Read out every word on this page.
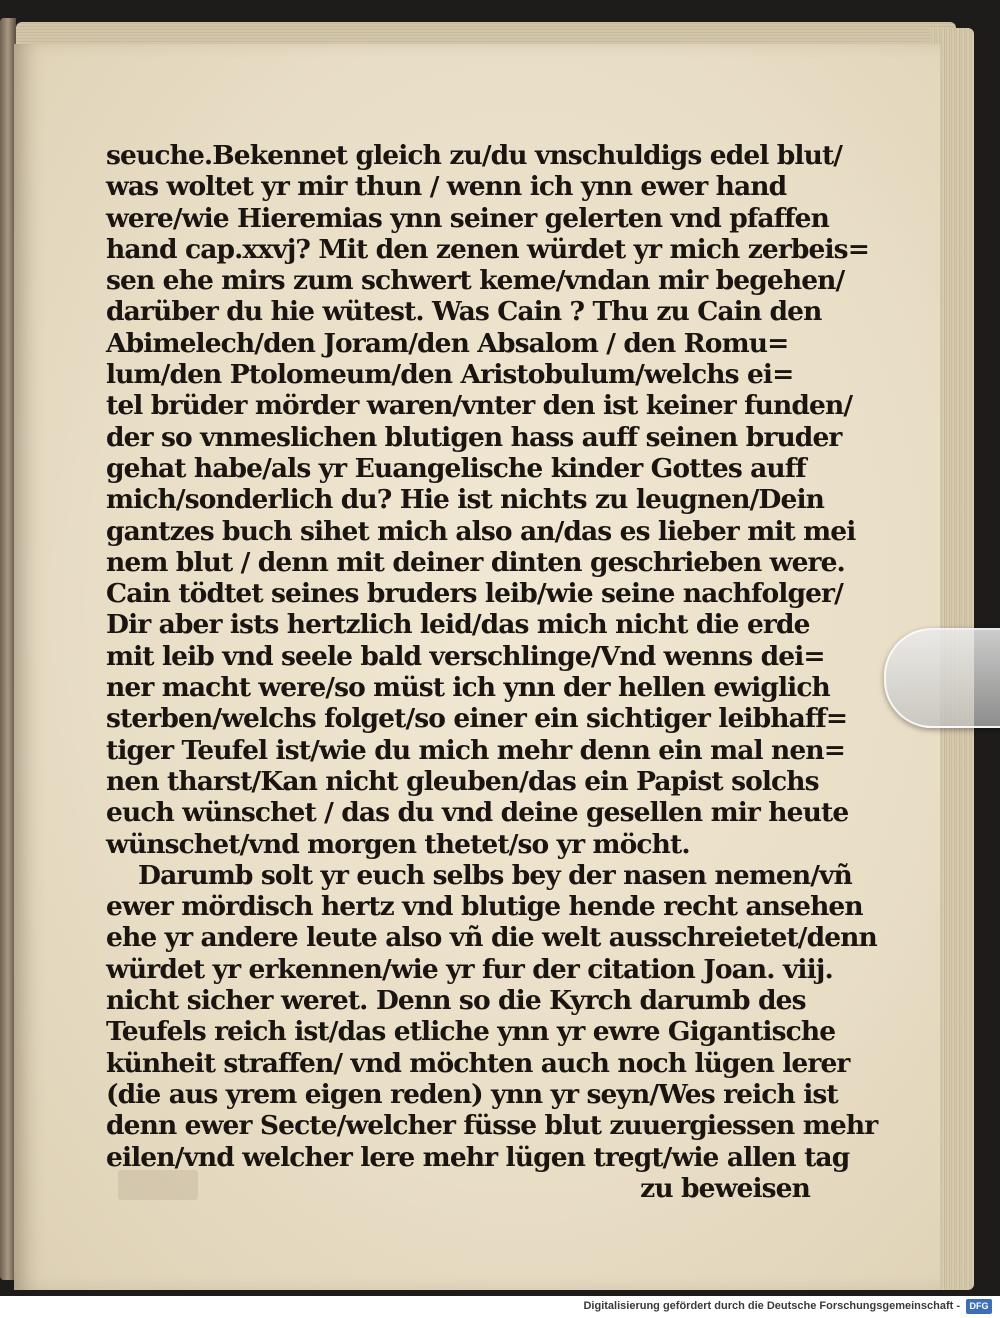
seuche.Bekennet gleich zu/du vnschuldigs edel blut/
was woltet yr mir thun / wenn ich ynn ewer hand
were/wie Hieremias ynn seiner gelerten vnd pfaffen
hand cap.xxvj? Mit den zenen würdet yr mich zerbeis=
sen ehe mirs zum schwert keme/vndan mir begehen/
darüber du hie wütest. Was Cain ? Thu zu Cain den
Abimelech/den Joram/den Absalom / den Romu=
lum/den Ptolomeum/den Aristobulum/welchs ei=
tel brüder mörder waren/vnter den ist keiner funden/
der so vnmeslichen blutigen hass auff seinen bruder
gehat habe/als yr Euangelische kinder Gottes auff
mich/sonderlich du? Hie ist nichts zu leugnen/Dein
gantzes buch sihet mich also an/das es lieber mit mei
nem blut / denn mit deiner dinten geschrieben were.
Cain tödtet seines bruders leib/wie seine nachfolger/
Dir aber ists hertzlich leid/das mich nicht die erde
mit leib vnd seele bald verschlinge/Vnd wenns dei=
ner macht were/so müst ich ynn der hellen ewiglich
sterben/welchs folget/so einer ein sichtiger leibhaff=
tiger Teufel ist/wie du mich mehr denn ein mal nen=
nen tharst/Kan nicht gleuben/das ein Papist solchs
euch wünschet / das du vnd deine gesellen mir heute
wünschet/vnd morgen thetet/so yr möcht.
Darumb solt yr euch selbs bey der nasen nemen/vñ
ewer mördisch hertz vnd blutige hende recht ansehen
ehe yr andere leute also vñ die welt ausschreietet/denn
würdet yr erkennen/wie yr fur der citation Joan. viij.
nicht sicher weret. Denn so die Kyrch darumb des
Teufels reich ist/das etliche ynn yr ewre Gigantische
künheit straffen/ vnd möchten auch noch lügen lerer
(die aus yrem eigen reden) ynn yr seyn/Wes reich ist
denn ewer Secte/welcher füsse blut zuuergiessen mehr
eilen/vnd welcher lere mehr lügen tregt/wie allen tag
zu beweisen
Digitalisierung gefördert durch die Deutsche Forschungsgemeinschaft -	DFG
